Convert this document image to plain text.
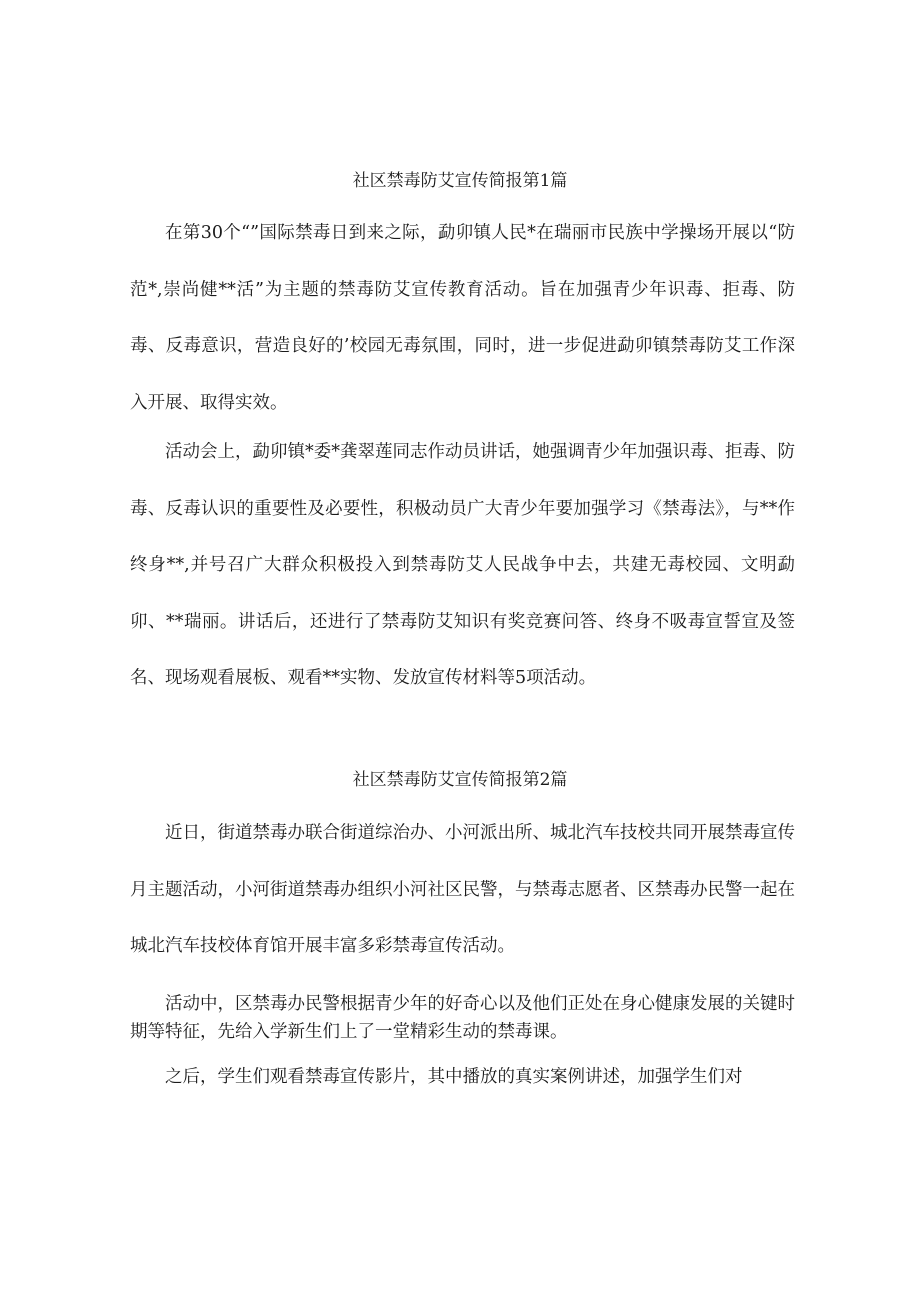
社区禁毒防艾宣传简报第1篇

在第30个“”国际禁毒日到来之际，勐卯镇人民*在瑞丽市民族中学操场开展以“防范*,崇尚健**活”为主题的禁毒防艾宣传教育活动。旨在加强青少年识毒、拒毒、防毒、反毒意识，营造良好的’校园无毒氛围，同时，进一步促进勐卯镇禁毒防艾工作深入开展、取得实效。

活动会上，勐卯镇*委*龚翠莲同志作动员讲话，她强调青少年加强识毒、拒毒、防毒、反毒认识的重要性及必要性，积极动员广大青少年要加强学习《禁毒法》，与**作终身**,并号召广大群众积极投入到禁毒防艾人民战争中去，共建无毒校园、文明勐卯、**瑞丽。讲话后，还进行了禁毒防艾知识有奖竞赛问答、终身不吸毒宣誓宣及签名、现场观看展板、观看**实物、发放宣传材料等5项活动。

社区禁毒防艾宣传简报第2篇

近日，街道禁毒办联合街道综治办、小河派出所、城北汽车技校共同开展禁毒宣传月主题活动，小河街道禁毒办组织小河社区民警，与禁毒志愿者、区禁毒办民警一起在城北汽车技校体育馆开展丰富多彩禁毒宣传活动。

活动中，区禁毒办民警根据青少年的好奇心以及他们正处在身心健康发展的关键时期等特征，先给入学新生们上了一堂精彩生动的禁毒课。

之后，学生们观看禁毒宣传影片，其中播放的真实案例讲述，加强学生们对
